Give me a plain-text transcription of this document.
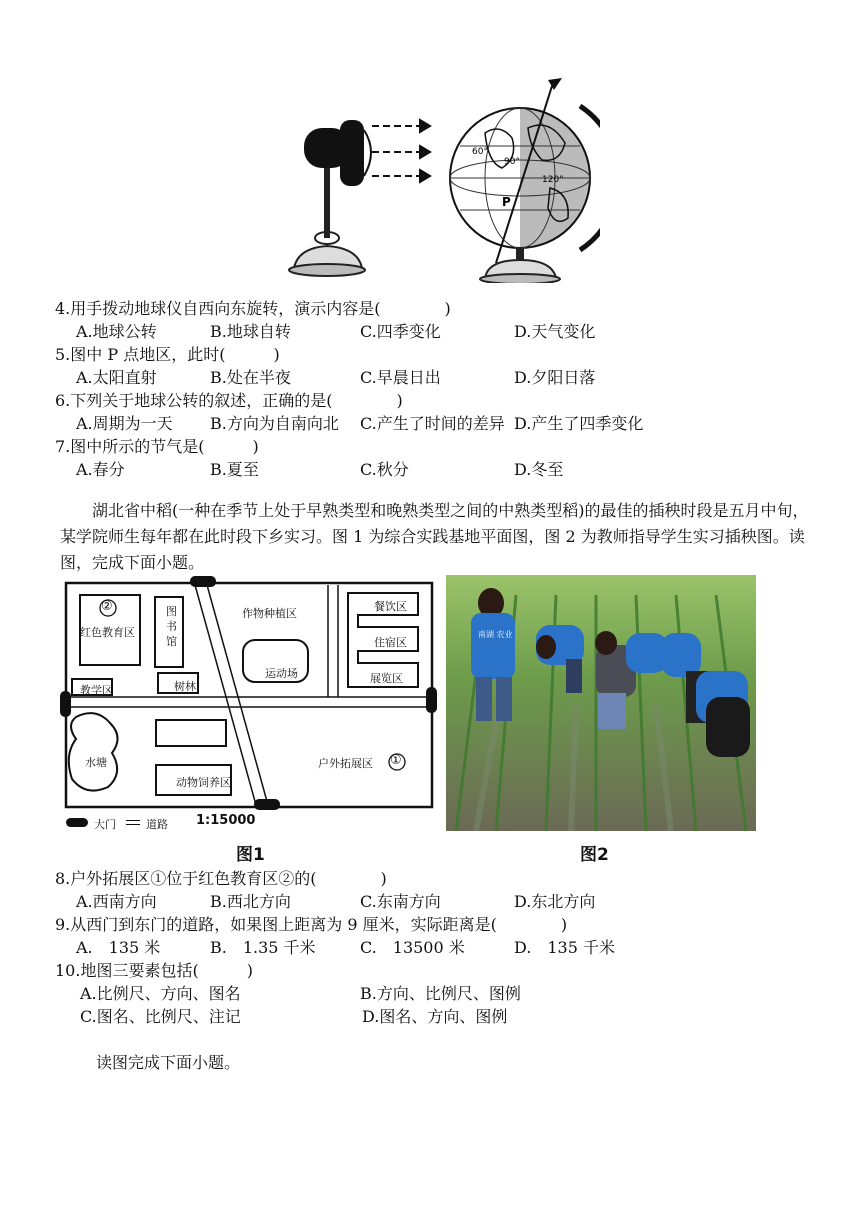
60°
90°
120°
P
4.用手拨动地球仪自西向东旋转，演示内容是(　　　　)
A.地球公转	B.地球自转	C.四季变化	D.天气变化
5.图中 P 点地区，此时(　　　)
A.太阳直射	B.处在半夜	C.早晨日出	D.夕阳日落
6.下列关于地球公转的叙述，正确的是(　　　　)
A.周期为一天 B.方向为自南向北 C.产生了时间的差异 D.产生了四季变化
7.图中所示的节气是(　　　)
A.春分	B.夏至	C.秋分	D.冬至
湖北省中稻(一种在季节上处于早熟类型和晚熟类型之间的中熟类型稻)的最佳的插秧时段是五月中旬，某学院师生每年都在此时段下乡实习。图 1 为综合实践基地平面图，图 2 为教师指导学生实习插秧图。读图，完成下面小题。
②
红色教育区
图书馆
作物种植区
餐饮区
住宿区
展览区
运动场
树林
教学区
水塘
动物饲养区
户外拓展区 ①
大门	道路 1:15000
图1
南湖 农业
图2
8.户外拓展区①位于红色教育区②的(　　　　)
A.西南方向	B.西北方向	C.东南方向	D.东北方向
9.从西门到东门的道路，如果图上距离为 9 厘米，实际距离是(　　　　)
A.　135 米	B.　1.35 千米	C.　13500 米	D.　135 千米
10.地图三要素包括(　　　)
A.比例尺、方向、图名	B.方向、比例尺、图例
C.图名、比例尺、注记	D.图名、方向、图例
读图完成下面小题。
